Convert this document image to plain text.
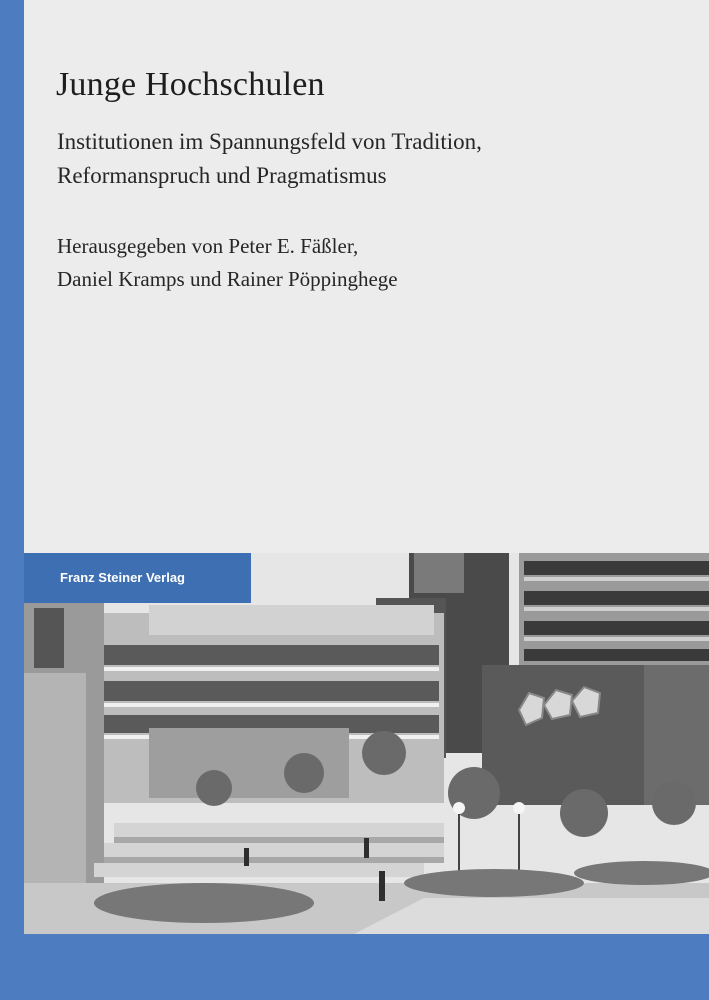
Junge Hochschulen
Institutionen im Spannungsfeld von Tradition,
Reformanspruch und Pragmatismus
Herausgegeben von Peter E. Fäßler,
Daniel Kramps und Rainer Pöppinghege
Franz Steiner Verlag
